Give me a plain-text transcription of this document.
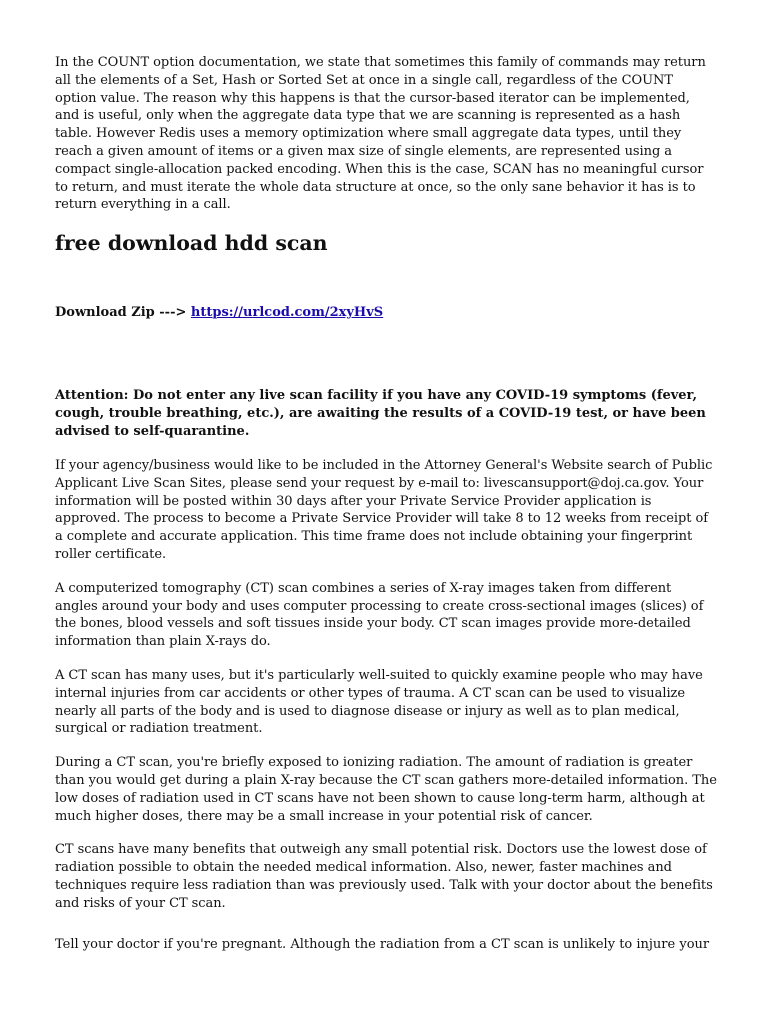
In the COUNT option documentation, we state that sometimes this family of commands may return all the elements of a Set, Hash or Sorted Set at once in a single call, regardless of the COUNT option value. The reason why this happens is that the cursor-based iterator can be implemented, and is useful, only when the aggregate data type that we are scanning is represented as a hash table. However Redis uses a memory optimization where small aggregate data types, until they reach a given amount of items or a given max size of single elements, are represented using a compact single-allocation packed encoding. When this is the case, SCAN has no meaningful cursor to return, and must iterate the whole data structure at once, so the only sane behavior it has is to return everything in a call.

free download hdd scan
Download Zip ---> https://urlcod.com/2xyHvS

Attention: Do not enter any live scan facility if you have any COVID-19 symptoms (fever, cough, trouble breathing, etc.), are awaiting the results of a COVID-19 test, or have been advised to self-quarantine.

If your agency/business would like to be included in the Attorney General's Website search of Public Applicant Live Scan Sites, please send your request by e-mail to: livescansupport@doj.ca.gov. Your information will be posted within 30 days after your Private Service Provider application is approved. The process to become a Private Service Provider will take 8 to 12 weeks from receipt of a complete and accurate application. This time frame does not include obtaining your fingerprint roller certificate.

A computerized tomography (CT) scan combines a series of X-ray images taken from different angles around your body and uses computer processing to create cross-sectional images (slices) of the bones, blood vessels and soft tissues inside your body. CT scan images provide more-detailed information than plain X-rays do.

A CT scan has many uses, but it's particularly well-suited to quickly examine people who may have internal injuries from car accidents or other types of trauma. A CT scan can be used to visualize nearly all parts of the body and is used to diagnose disease or injury as well as to plan medical, surgical or radiation treatment.

During a CT scan, you're briefly exposed to ionizing radiation. The amount of radiation is greater than you would get during a plain X-ray because the CT scan gathers more-detailed information. The low doses of radiation used in CT scans have not been shown to cause long-term harm, although at much higher doses, there may be a small increase in your potential risk of cancer.

CT scans have many benefits that outweigh any small potential risk. Doctors use the lowest dose of radiation possible to obtain the needed medical information. Also, newer, faster machines and techniques require less radiation than was previously used. Talk with your doctor about the benefits and risks of your CT scan.

Tell your doctor if you're pregnant. Although the radiation from a CT scan is unlikely to injure your
